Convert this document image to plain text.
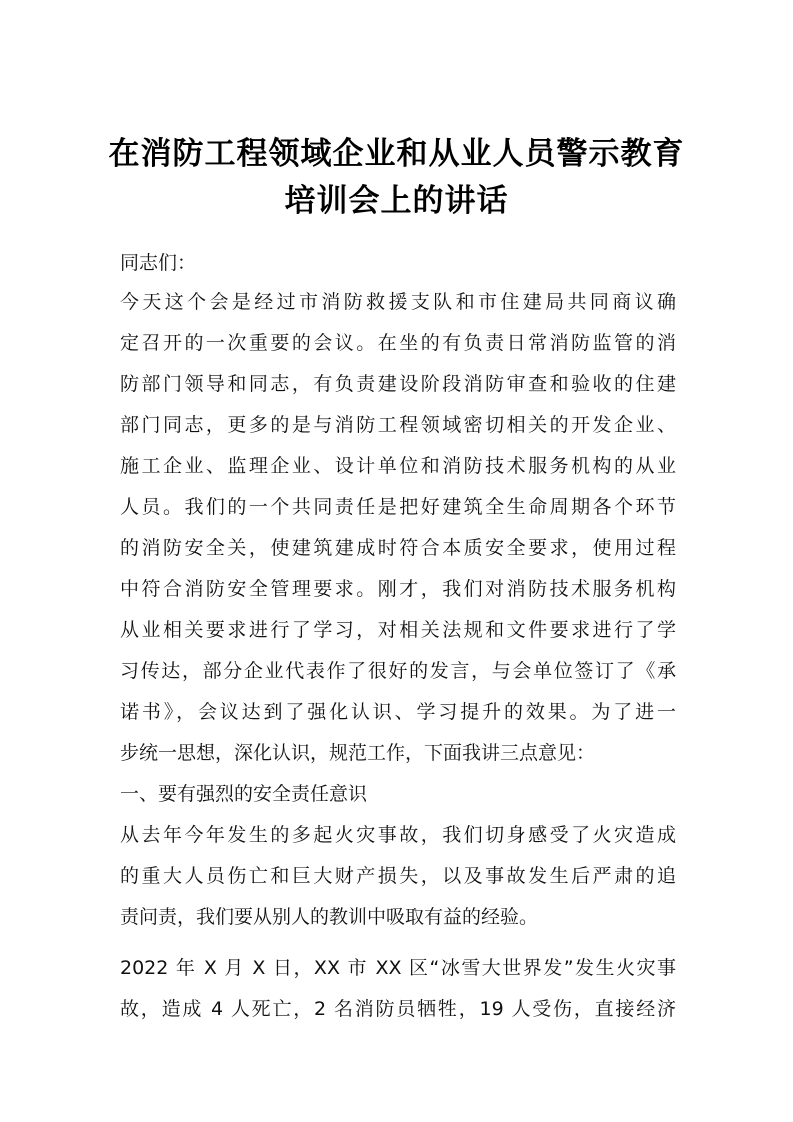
在消防工程领域企业和从业人员警示教育
培训会上的讲话
同志们：
今天这个会是经过市消防救援支队和市住建局共同商议确
定召开的一次重要的会议。在坐的有负责日常消防监管的消
防部门领导和同志，有负责建设阶段消防审查和验收的住建
部门同志，更多的是与消防工程领域密切相关的开发企业、
施工企业、监理企业、设计单位和消防技术服务机构的从业
人员。我们的一个共同责任是把好建筑全生命周期各个环节
的消防安全关，使建筑建成时符合本质安全要求，使用过程
中符合消防安全管理要求。刚才，我们对消防技术服务机构
从业相关要求进行了学习，对相关法规和文件要求进行了学
习传达，部分企业代表作了很好的发言，与会单位签订了《承
诺书》，会议达到了强化认识、学习提升的效果。为了进一
步统一思想，深化认识，规范工作，下面我讲三点意见：
一、要有强烈的安全责任意识
从去年今年发生的多起火灾事故，我们切身感受了火灾造成
的重大人员伤亡和巨大财产损失，以及事故发生后严肃的追
责问责，我们要从别人的教训中吸取有益的经验。
2022 年 X 月 X 日，XX 市 XX 区“冰雪大世界发”发生火灾事
故，造成 4 人死亡，2 名消防员牺牲，19 人受伤，直接经济
